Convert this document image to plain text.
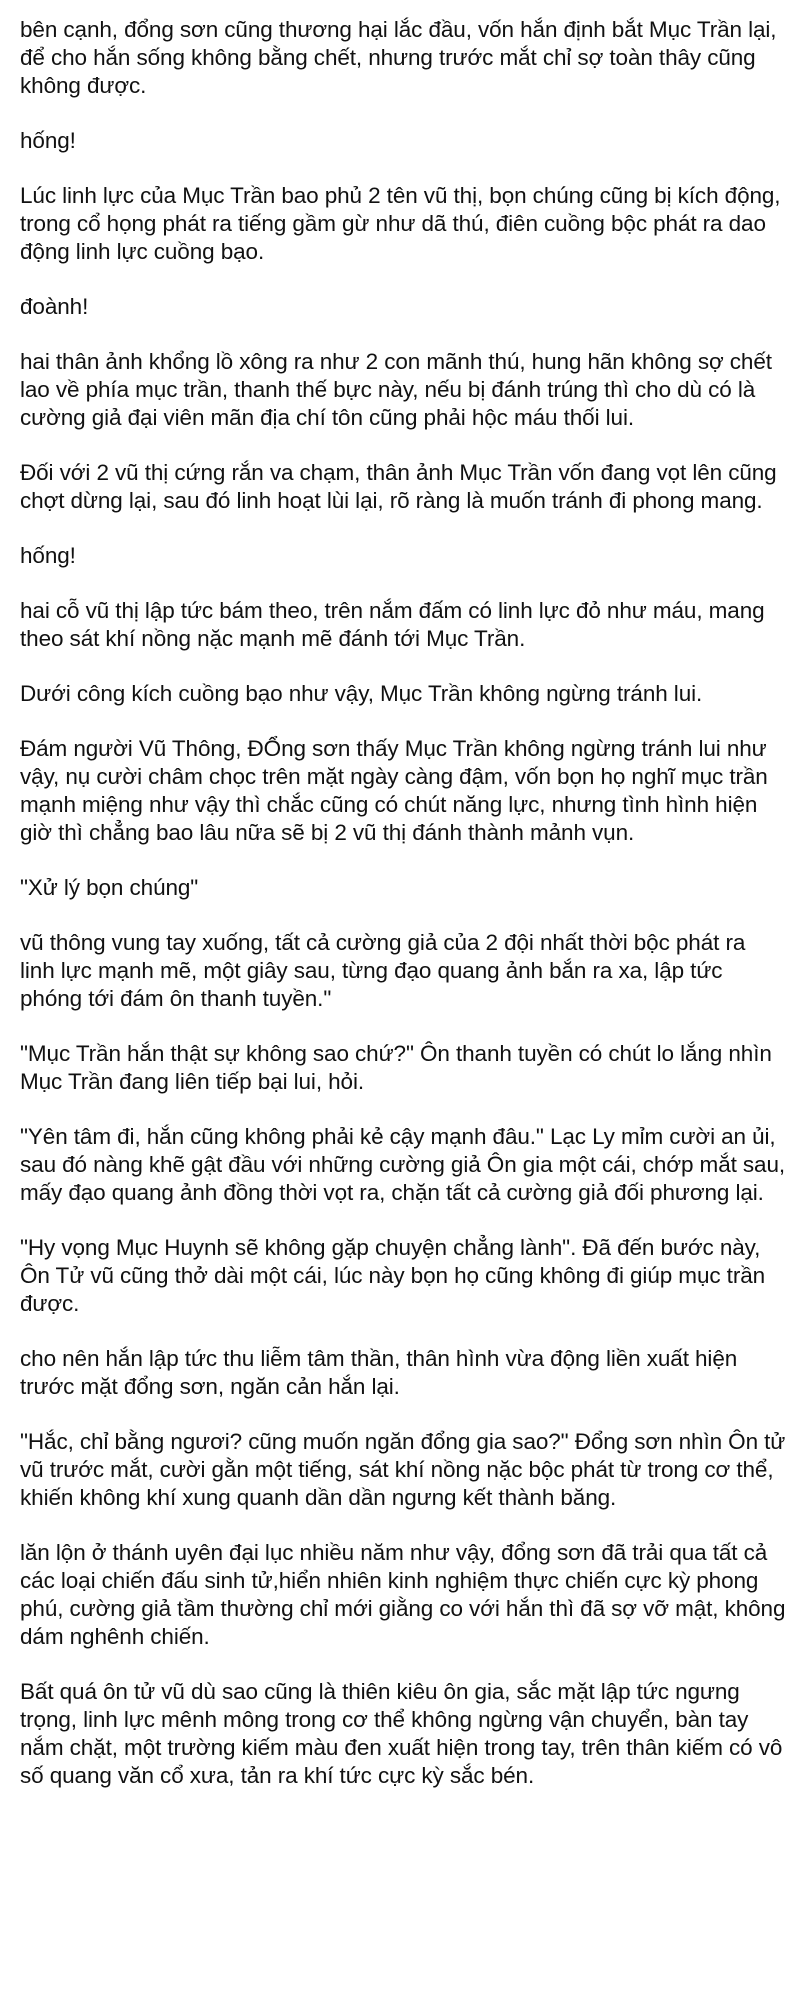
bên cạnh, đổng sơn cũng thương hại lắc đầu, vốn hắn định bắt Mục Trần lại, để cho hắn sống không bằng chết, nhưng trước mắt chỉ sợ toàn thây cũng không được.

hống!

Lúc linh lực của Mục Trần bao phủ 2 tên vũ thị, bọn chúng cũng bị kích động, trong cổ họng phát ra tiếng gầm gừ như dã thú, điên cuồng bộc phát ra dao động linh lực cuồng bạo.

đoành!

hai thân ảnh khổng lồ xông ra như 2 con mãnh thú, hung hãn không sợ chết lao về phía mục trần, thanh thế bực này, nếu bị đánh trúng thì cho dù có là cường giả đại viên mãn địa chí tôn cũng phải hộc máu thối lui.

Đối với 2 vũ thị cứng rắn va chạm, thân ảnh Mục Trần vốn đang vọt lên cũng chợt dừng lại, sau đó linh hoạt lùi lại, rõ ràng là muốn tránh đi phong mang.

hống!

hai cỗ vũ thị lập tức bám theo, trên nắm đấm có linh lực đỏ như máu, mang theo sát khí nồng nặc mạnh mẽ đánh tới Mục Trần.

Dưới công kích cuồng bạo như vậy, Mục Trần không ngừng tránh lui.

Đám người Vũ Thông, ĐỔng sơn thấy Mục Trần không ngừng tránh lui như vậy, nụ cười châm chọc trên mặt ngày càng đậm, vốn bọn họ nghĩ mục trần mạnh miệng như vậy thì chắc cũng có chút năng lực, nhưng tình hình hiện giờ thì chẳng bao lâu nữa sẽ bị 2 vũ thị đánh thành mảnh vụn.

"Xử lý bọn chúng"

vũ thông vung tay xuống, tất cả cường giả của 2 đội nhất thời bộc phát ra linh lực mạnh mẽ, một giây sau, từng đạo quang ảnh bắn ra xa, lập tức phóng tới đám ôn thanh tuyền."

"Mục Trần hắn thật sự không sao chứ?" Ôn thanh tuyền có chút lo lắng nhìn Mục Trần đang liên tiếp bại lui, hỏi.

"Yên tâm đi, hắn cũng không phải kẻ cậy mạnh đâu." Lạc Ly mỉm cười an ủi, sau đó nàng khẽ gật đầu với những cường giả Ôn gia một cái, chớp mắt sau, mấy đạo quang ảnh đồng thời vọt ra, chặn tất cả cường giả đối phương lại.

"Hy vọng Mục Huynh sẽ không gặp chuyện chẳng lành". Đã đến bước này, Ôn Tử vũ cũng thở dài một cái, lúc này bọn họ cũng không đi giúp mục trần được.

cho nên hắn lập tức thu liễm tâm thần, thân hình vừa động liền xuất hiện trước mặt đổng sơn, ngăn cản hắn lại.

"Hắc, chỉ bằng ngươi? cũng muốn ngăn đổng gia sao?" Đổng sơn nhìn Ôn tử vũ trước mắt, cười gằn một tiếng, sát khí nồng nặc bộc phát từ trong cơ thể, khiến không khí xung quanh dần dần ngưng kết thành băng.

lăn lộn ở thánh uyên đại lục nhiều năm như vậy, đổng sơn đã trải qua tất cả các loại chiến đấu sinh tử,hiển nhiên kinh nghiệm thực chiến cực kỳ phong phú, cường giả tầm thường chỉ mới giằng co với hắn thì đã sợ vỡ mật, không dám nghênh chiến.

Bất quá ôn tử vũ dù sao cũng là thiên kiêu ôn gia, sắc mặt lập tức ngưng trọng, linh lực mênh mông trong cơ thể không ngừng vận chuyển, bàn tay nắm chặt, một trường kiếm màu đen xuất hiện trong tay, trên thân kiếm có vô số quang văn cổ xưa, tản ra khí tức cực kỳ sắc bén.
